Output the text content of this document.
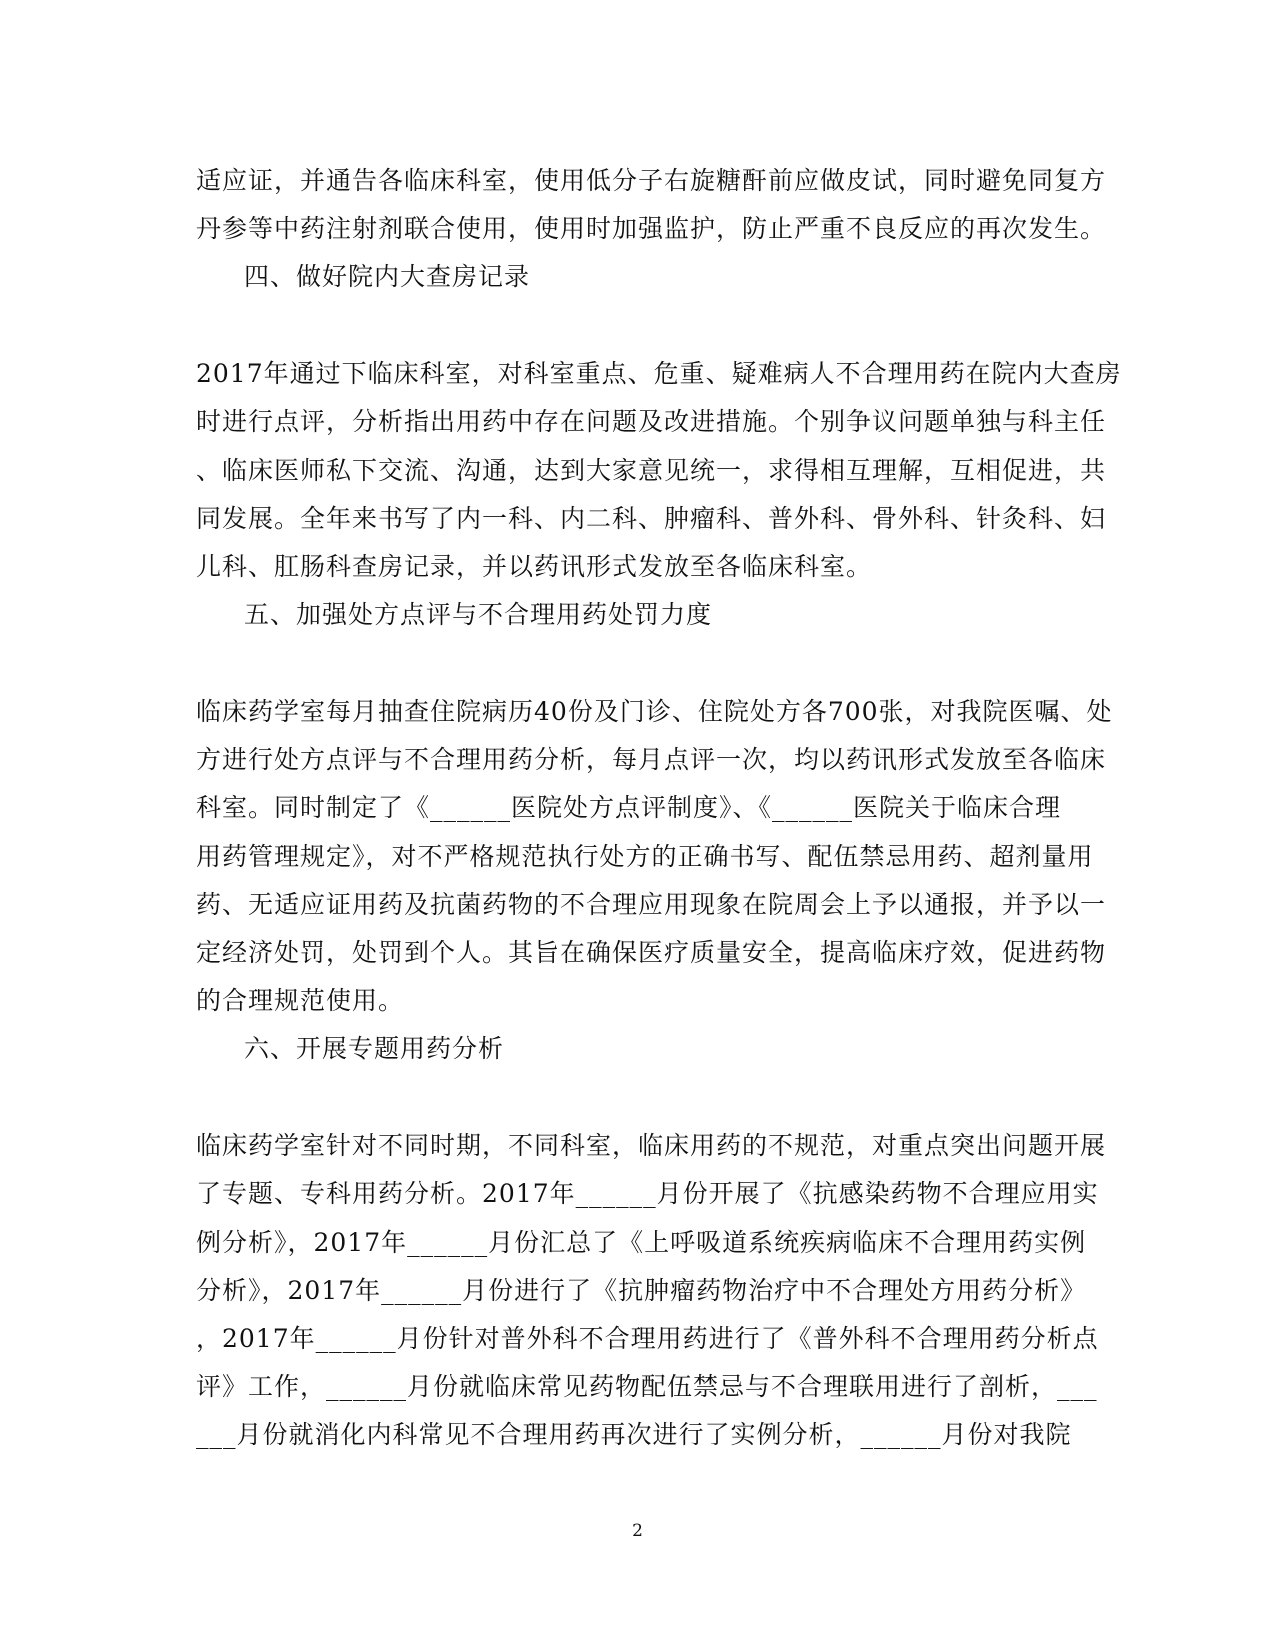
适应证，并通告各临床科室，使用低分子右旋糖酐前应做皮试，同时避免同复方
丹参等中药注射剂联合使用，使用时加强监护，防止严重不良反应的再次发生。
四、做好院内大查房记录
2017年通过下临床科室，对科室重点、危重、疑难病人不合理用药在院内大查房
时进行点评，分析指出用药中存在问题及改进措施。个别争议问题单独与科主任
、临床医师私下交流、沟通，达到大家意见统一，求得相互理解，互相促进，共
同发展。全年来书写了内一科、内二科、肿瘤科、普外科、骨外科、针灸科、妇
儿科、肛肠科查房记录，并以药讯形式发放至各临床科室。
五、加强处方点评与不合理用药处罚力度
临床药学室每月抽查住院病历40份及门诊、住院处方各700张，对我院医嘱、处
方进行处方点评与不合理用药分析，每月点评一次，均以药讯形式发放至各临床
科室。同时制定了《______医院处方点评制度》、《______医院关于临床合理
用药管理规定》，对不严格规范执行处方的正确书写、配伍禁忌用药、超剂量用
药、无适应证用药及抗菌药物的不合理应用现象在院周会上予以通报，并予以一
定经济处罚，处罚到个人。其旨在确保医疗质量安全，提高临床疗效，促进药物
的合理规范使用。
六、开展专题用药分析
临床药学室针对不同时期，不同科室，临床用药的不规范，对重点突出问题开展
了专题、专科用药分析。2017年______月份开展了《抗感染药物不合理应用实
例分析》，2017年______月份汇总了《上呼吸道系统疾病临床不合理用药实例
分析》，2017年______月份进行了《抗肿瘤药物治疗中不合理处方用药分析》
，2017年______月份针对普外科不合理用药进行了《普外科不合理用药分析点
评》工作，______月份就临床常见药物配伍禁忌与不合理联用进行了剖析，___
___月份就消化内科常见不合理用药再次进行了实例分析，______月份对我院
2
